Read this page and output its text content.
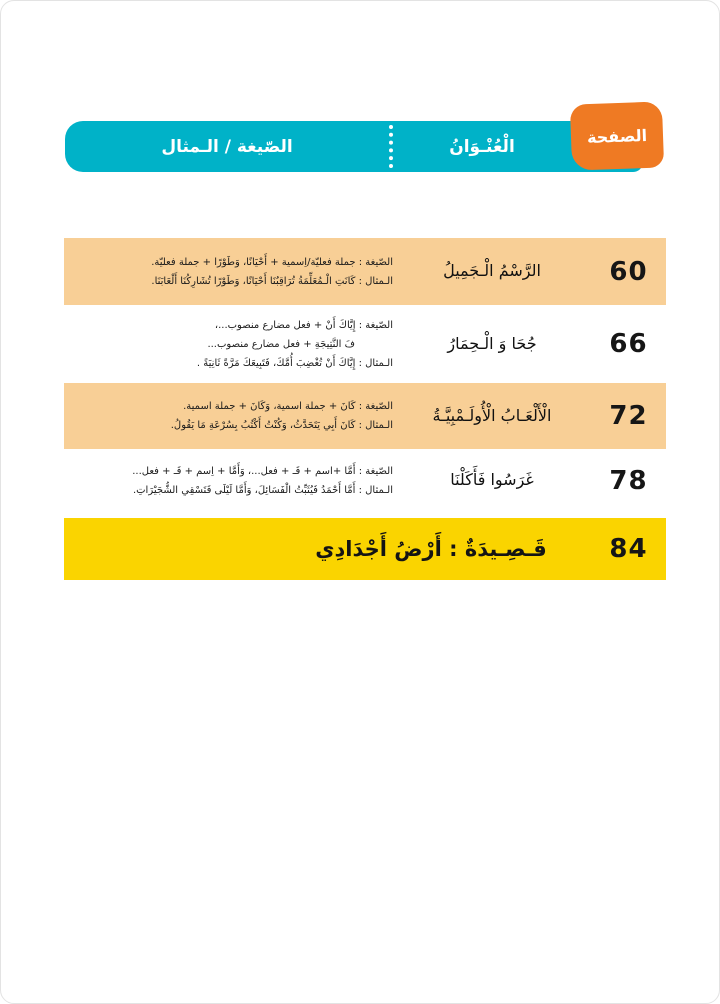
الصّيغة / الـمثال	الْعُنْـوَانُ	الصفحة
60
الرَّسْمُ الْـجَمِيلُ
الصّيغة : جملة فعليّة/اِسمية + أَحْيَانًا، وَطَوْرًا + جملة فعليّة.
الـمثال : كَانَتِ الْـمُعَلِّمَةُ تُرَاقِبُنَا أَحْيَانًا، وَطَوْرًا تُشَارِكُنَا أَلْعَابَنَا.
66
جُحَا وَ الْـحِمَارُ
الصّيغة : إِيَّاكَ أَنْ + فعل مضارع منصوب...،
فَ النَّتِيجَةِ + فعل مضارع منصوب...
الـمثال : إِيَّاكَ أَنْ تُغْضِبَ أُمَّكَ، فَتَبِيعَكَ مَرَّةً ثَانِيَةً .
72
الْأَلْعَـابُ الْأُولَـمْبِيَّـةُ
الصّيغة : كَانَ + جملة اسمية، وَكَانَ + جملة اسمية.
الـمثال : كَانَ أَبِي يَتَحَدَّثُ، وَكُنْتُ أَكْتُبُ بِسُرْعَةِ مَا يَقُولُ.
78
غَرَسُوا فَأَكَلْنَا
الصّيغة : أَمَّا +اسم + فَـ + فعل...، وَأَمَّا + اِسم + فَـ + فعل...
الـمثال : أَمَّا أَحْمَدُ فَيُثَبِّتُ الْفَسَائِلَ، وَأَمَّا لَيْلَى فَتَسْقِي الشُّجَيْرَاتِ.
84
قَـصِـيدَةٌ : أَرْضُ أَجْدَادِي
